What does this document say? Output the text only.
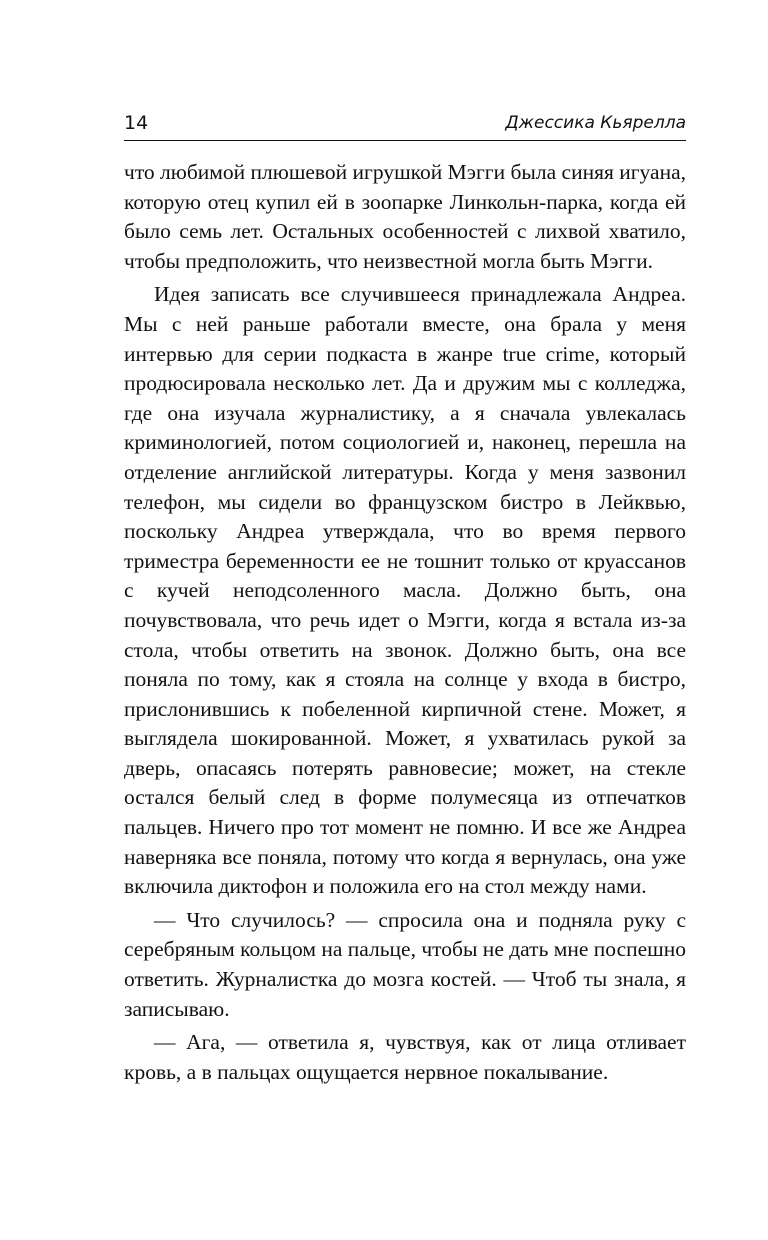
14	Джессика Кьярелла

что любимой плюшевой игрушкой Мэгги была синяя игуана, которую отец купил ей в зоопарке Линкольн-парка, когда ей было семь лет. Остальных особенностей с лихвой хватило, чтобы предположить, что неизвестной могла быть Мэгги.

Идея записать все случившееся принадлежала Андреа. Мы с ней раньше работали вместе, она брала у меня интервью для серии подкаста в жанре true crime, который продюсировала несколько лет. Да и дружим мы с колледжа, где она изучала журналистику, а я сначала увлекалась криминологией, потом социологией и, наконец, перешла на отделение английской литературы. Когда у меня зазвонил телефон, мы сидели во французском бистро в Лейквью, поскольку Андреа утверждала, что во время первого триместра беременности ее не тошнит только от круассанов с кучей неподсоленного масла. Должно быть, она почувствовала, что речь идет о Мэгги, когда я встала из-за стола, чтобы ответить на звонок. Должно быть, она все поняла по тому, как я стояла на солнце у входа в бистро, прислонившись к побеленной кирпичной стене. Может, я выглядела шокированной. Может, я ухватилась рукой за дверь, опасаясь потерять равновесие; может, на стекле остался белый след в форме полумесяца из отпечатков пальцев. Ничего про тот момент не помню. И все же Андреа наверняка все поняла, потому что когда я вернулась, она уже включила диктофон и положила его на стол между нами.

— Что случилось? — спросила она и подняла руку с серебряным кольцом на пальце, чтобы не дать мне поспешно ответить. Журналистка до мозга костей. — Чтоб ты знала, я записываю.

— Ага, — ответила я, чувствуя, как от лица отливает кровь, а в пальцах ощущается нервное покалывание.
